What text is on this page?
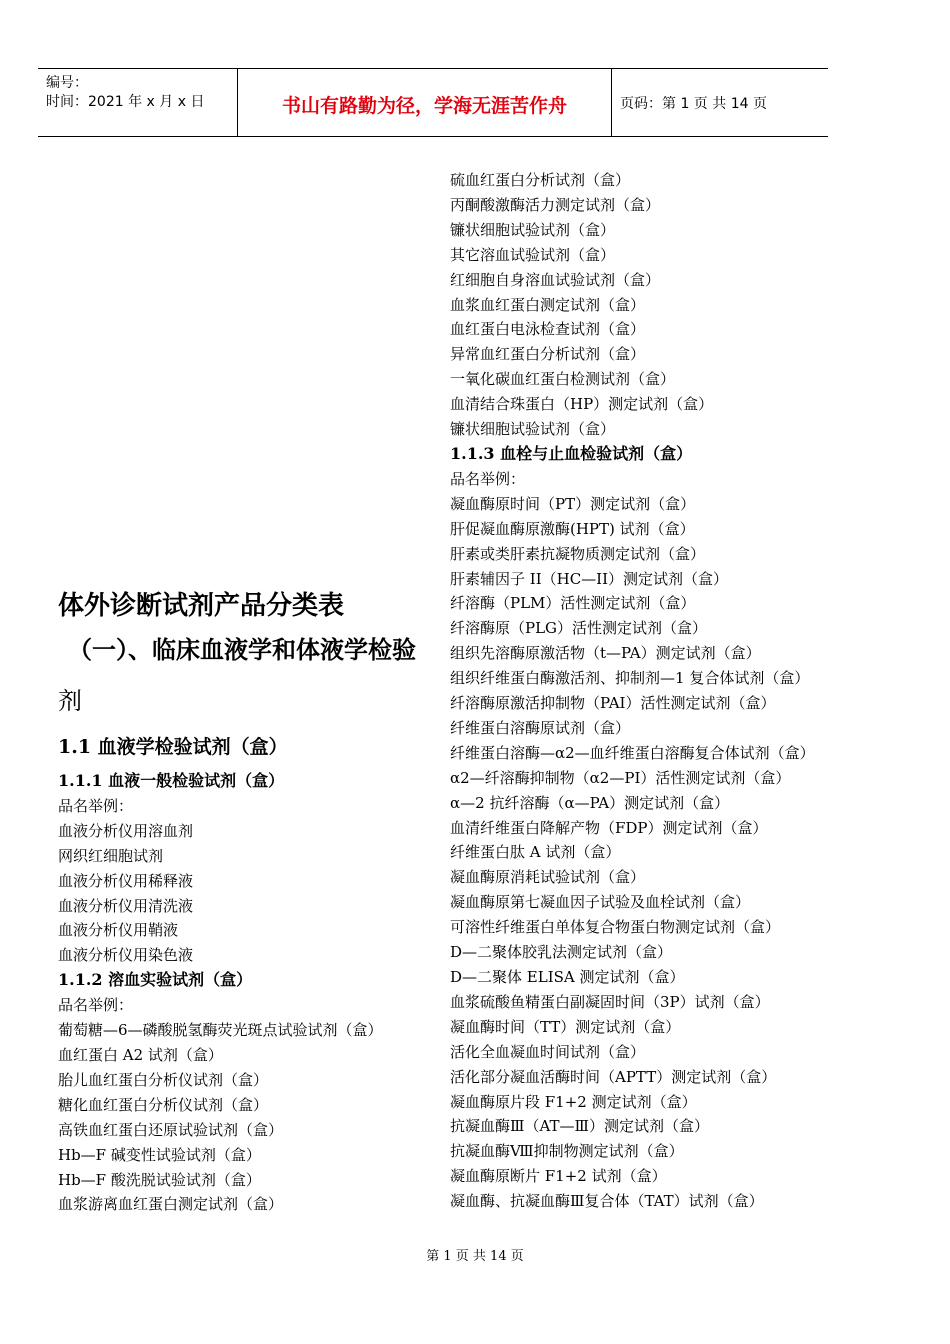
编号：
时间：2021 年 x 月 x 日	书山有路勤为径，学海无涯苦作舟	页码：第 1 页 共 14 页
体外诊断试剂产品分类表
（一）、临床血液学和体液学检验
剂
1.1 血液学检验试剂（盒）
1.1.1 血液一般检验试剂（盒）
品名举例：
血液分析仪用溶血剂
网织红细胞试剂
血液分析仪用稀释液
血液分析仪用清洗液
血液分析仪用鞘液
血液分析仪用染色液
1.1.2 溶血实验试剂（盒）
品名举例：
葡萄糖—6—磷酸脱氢酶荧光斑点试验试剂（盒）
血红蛋白 A2 试剂（盒）
胎儿血红蛋白分析仪试剂（盒）
糖化血红蛋白分析仪试剂（盒）
高铁血红蛋白还原试验试剂（盒）
Hb—F 碱变性试验试剂（盒）
Hb—F 酸洗脱试验试剂（盒）
血浆游离血红蛋白测定试剂（盒）
硫血红蛋白分析试剂（盒）
丙酮酸激酶活力测定试剂（盒）
镰状细胞试验试剂（盒）
其它溶血试验试剂（盒）
红细胞自身溶血试验试剂（盒）
血浆血红蛋白测定试剂（盒）
血红蛋白电泳检查试剂（盒）
异常血红蛋白分析试剂（盒）
一氧化碳血红蛋白检测试剂（盒）
血清结合珠蛋白（HP）测定试剂（盒）
镰状细胞试验试剂（盒）
1.1.3 血栓与止血检验试剂（盒）
品名举例：
凝血酶原时间（PT）测定试剂（盒）
肝促凝血酶原激酶(HPT) 试剂（盒）
肝素或类肝素抗凝物质测定试剂（盒）
肝素辅因子 II（HC—II）测定试剂（盒）
纤溶酶（PLM）活性测定试剂（盒）
纤溶酶原（PLG）活性测定试剂（盒）
组织先溶酶原激活物（t—PA）测定试剂（盒）
组织纤维蛋白酶激活剂、抑制剂—1 复合体试剂（盒）
纤溶酶原激活抑制物（PAI）活性测定试剂（盒）
纤维蛋白溶酶原试剂（盒）
纤维蛋白溶酶—α2—血纤维蛋白溶酶复合体试剂（盒）
α2—纤溶酶抑制物（α2—PI）活性测定试剂（盒）
α—2 抗纤溶酶（α—PA）测定试剂（盒）
血清纤维蛋白降解产物（FDP）测定试剂（盒）
纤维蛋白肽 A 试剂（盒）
凝血酶原消耗试验试剂（盒）
凝血酶原第七凝血因子试验及血栓试剂（盒）
可溶性纤维蛋白单体复合物蛋白物测定试剂（盒）
D—二聚体胶乳法测定试剂（盒）
D—二聚体 ELISA 测定试剂（盒）
血浆硫酸鱼精蛋白副凝固时间（3P）试剂（盒）
凝血酶时间（TT）测定试剂（盒）
活化全血凝血时间试剂（盒）
活化部分凝血活酶时间（APTT）测定试剂（盒）
凝血酶原片段 F1+2 测定试剂（盒）
抗凝血酶Ⅲ（AT—Ⅲ）测定试剂（盒）
抗凝血酶Ⅷ抑制物测定试剂（盒）
凝血酶原断片 F1+2 试剂（盒）
凝血酶、抗凝血酶Ⅲ复合体（TAT）试剂（盒）
第 1 页 共 14 页
